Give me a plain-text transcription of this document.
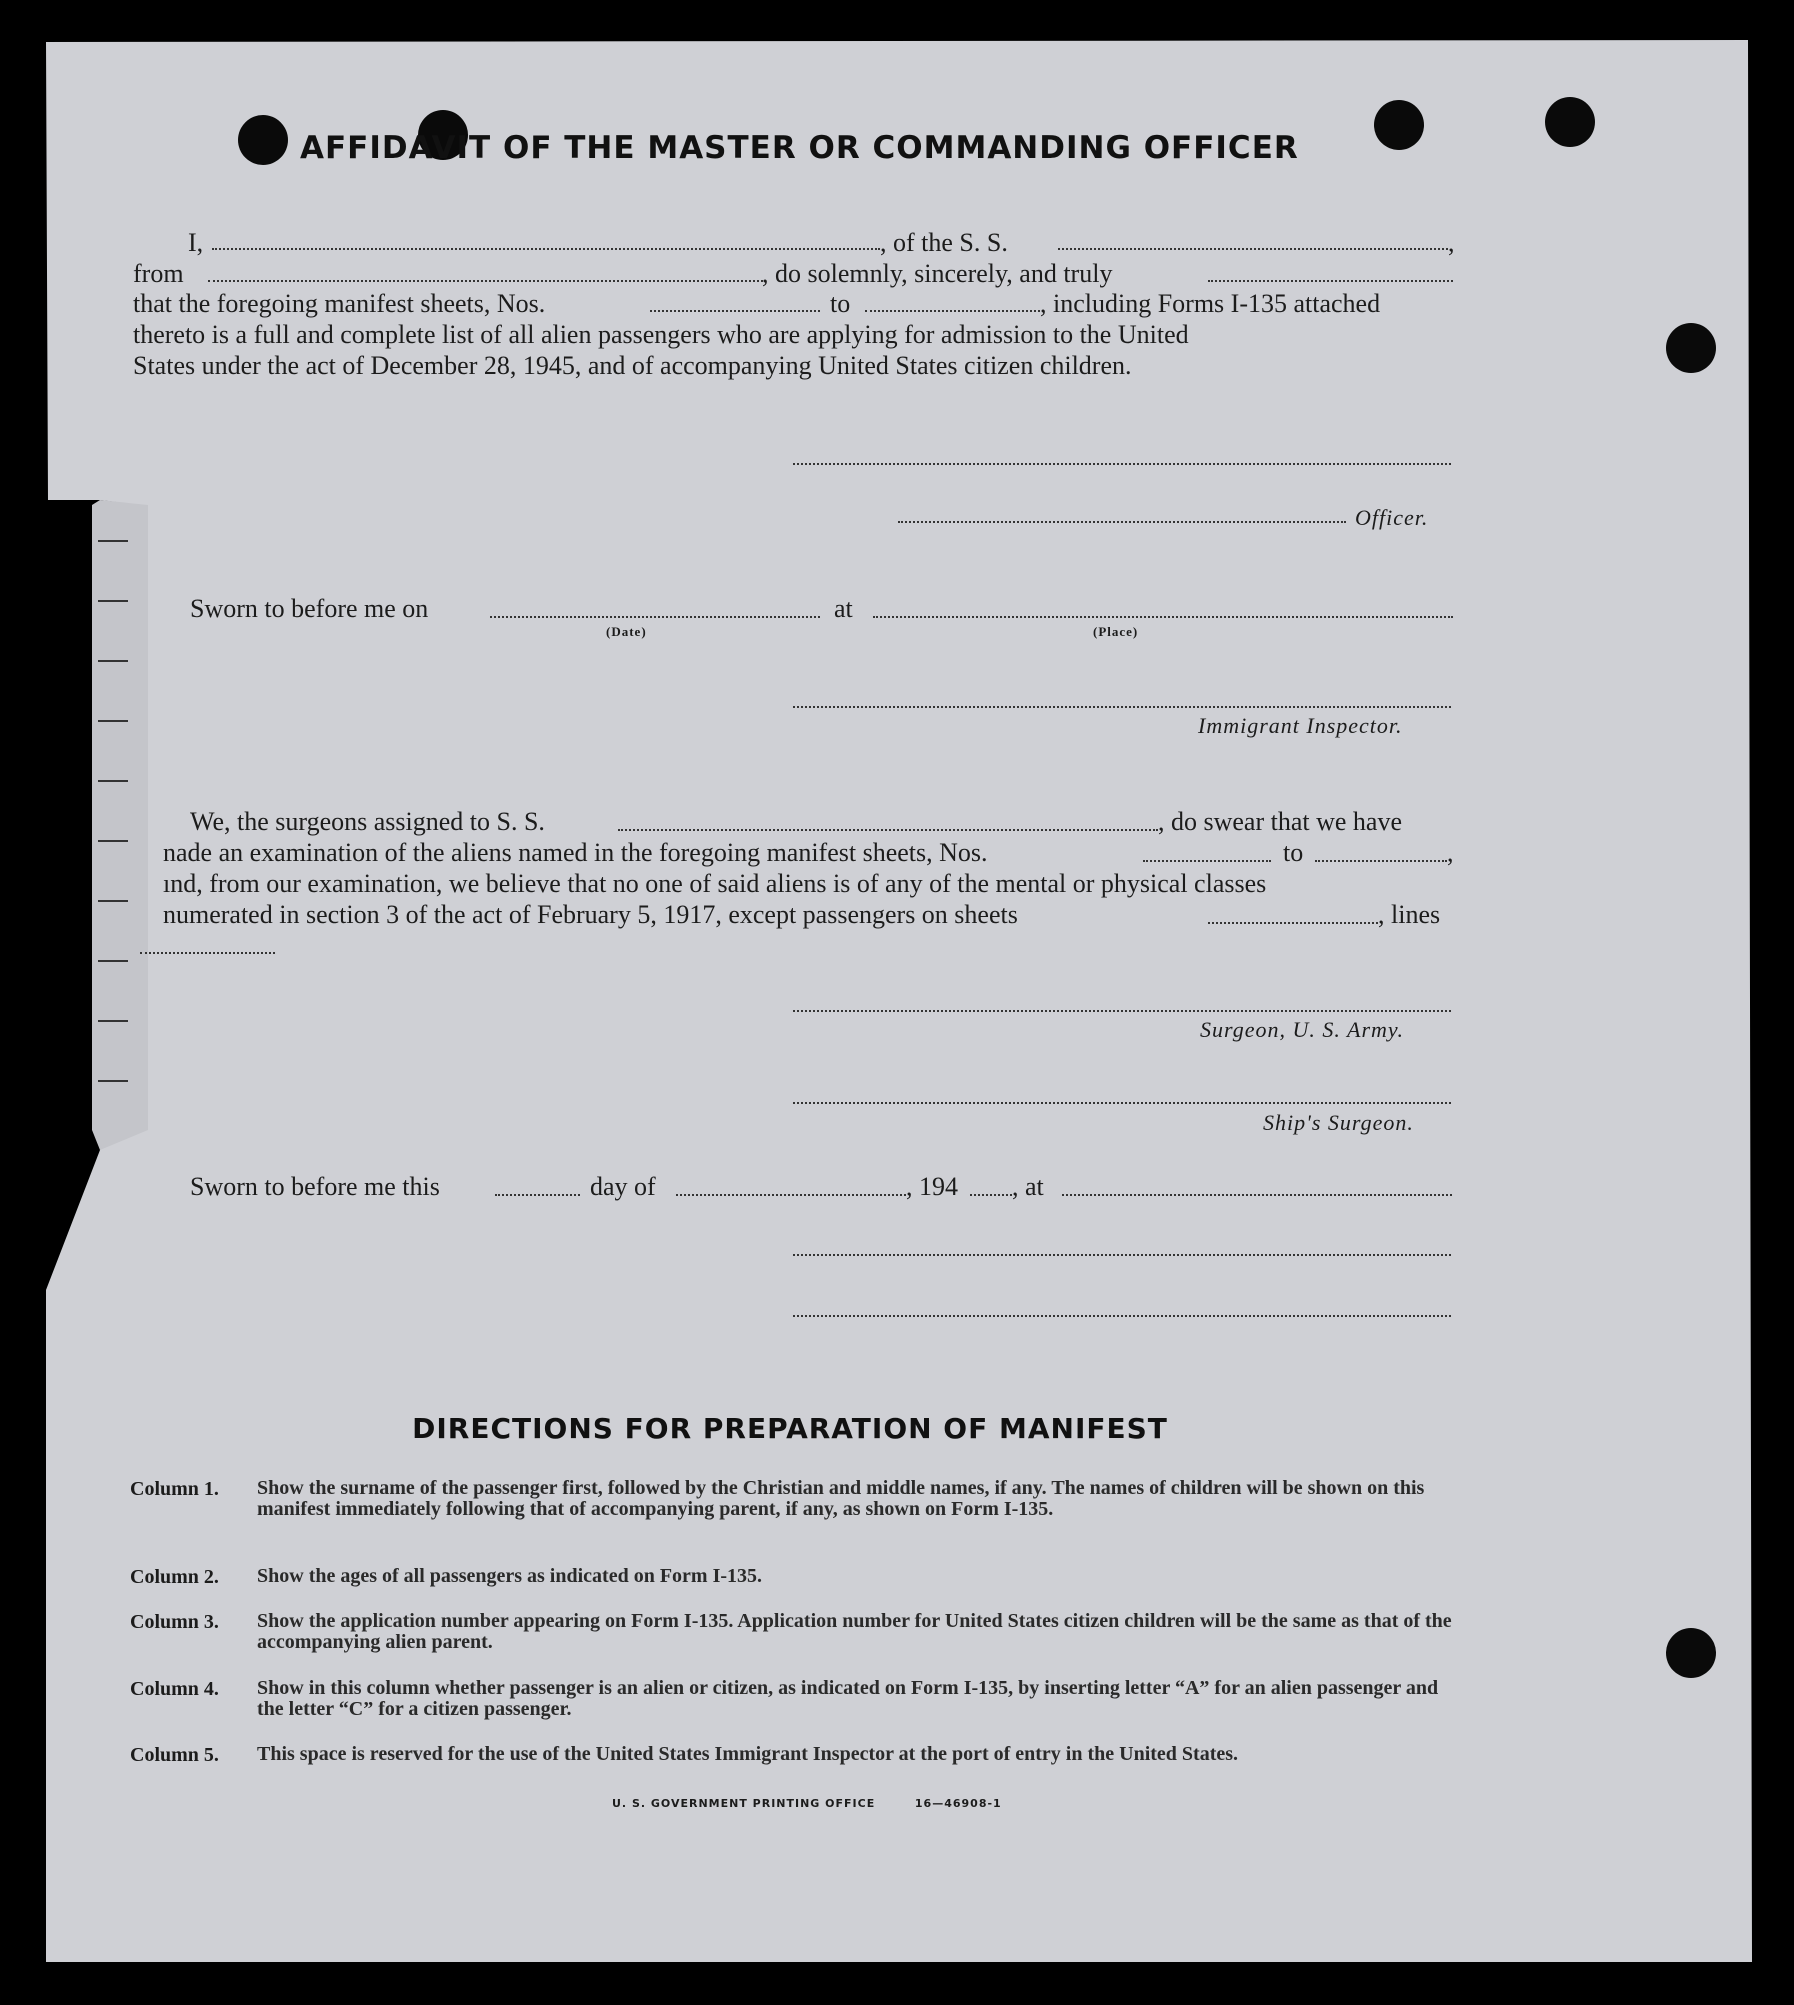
AFFIDAVIT OF THE MASTER OR COMMANDING OFFICER
I,	, of the S. S.	,
from	, do solemnly, sincerely, and truly
that the foregoing manifest sheets, Nos.	to	, including Forms I-135 attached
thereto is a full and complete list of all alien passengers who are applying for admission to the United
States under the act of December 28, 1945, and of accompanying United States citizen children.
Officer.
Sworn to before me on	at
(Date)	(Place)
Immigrant Inspector.
We, the surgeons assigned to S. S.	, do swear that we have
nade an examination of the aliens named in the foregoing manifest sheets, Nos.	to	,
ınd, from our examination, we believe that no one of said aliens is of any of the mental or physical classes
numerated in section 3 of the act of February 5, 1917, except passengers on sheets	, lines
Surgeon, U. S. Army.
Ship's Surgeon.
Sworn to before me this	day of	, 194 , at
DIRECTIONS FOR PREPARATION OF MANIFEST
Column 1. Show the surname of the passenger first, followed by the Christian and middle names, if any. The names of children will be shown on this manifest immediately following that of accompanying parent, if any, as shown on Form I-135.
Column 2. Show the ages of all passengers as indicated on Form I-135.
Column 3. Show the application number appearing on Form I-135. Application number for United States citizen children will be the same as that of the accompanying alien parent.
Column 4. Show in this column whether passenger is an alien or citizen, as indicated on Form I-135, by inserting letter “A” for an alien passenger and the letter “C” for a citizen passenger.
Column 5. This space is reserved for the use of the United States Immigrant Inspector at the port of entry in the United States.
U. S. GOVERNMENT PRINTING OFFICE	16—46908-1
